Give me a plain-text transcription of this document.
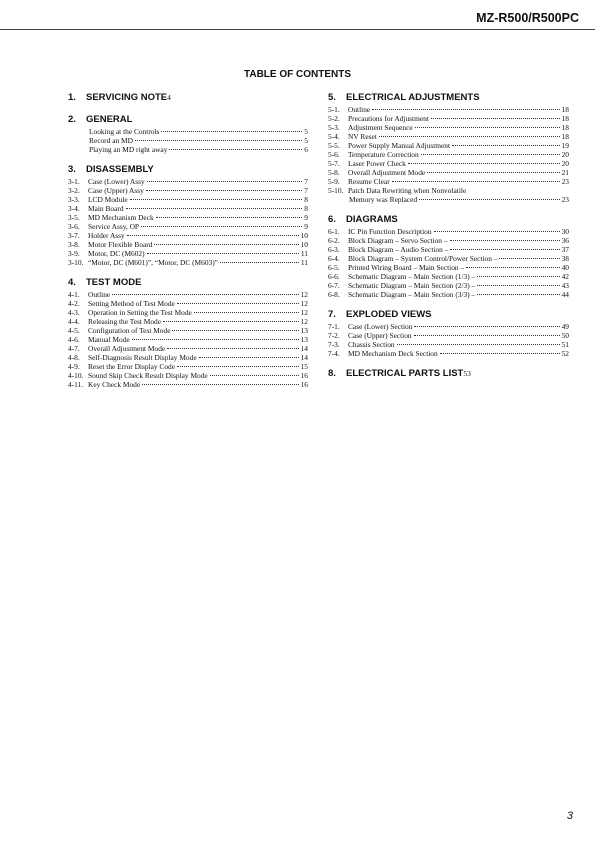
MZ-R500/R500PC
TABLE OF CONTENTS
1.	SERVICING NOTE 4
2.	GENERAL
Looking at the Controls	5
Record an MD	5
Playing an MD right away	6
3.	DISASSEMBLY
3-1.	Case (Lower) Assy	7
3-2.	Case (Upper) Assy	7
3-3.	LCD Module	8
3-4.	Main Board	8
3-5.	MD Mechanism Deck	9
3-6.	Service Assy, OP	9
3-7.	Holder Assy	10
3-8.	Motor Flexible Board	10
3-9.	Motor, DC (M602)	11
3-10. “Motor, DC (M601)”, “Motor, DC (M603)”	11
4.	TEST MODE
4-1.	Outline	12
4-2.	Setting Method of Test Mode	12
4-3.	Operation in Setting the Test Mode	12
4-4.	Releasing the Test Mode	12
4-5.	Configuration of Test Mode	13
4-6.	Manual Mode	13
4-7.	Overall Adjustment Mode	14
4-8.	Self-Diagnosis Result Display Mode	14
4-9.	Reset the Error Display Code	15
4-10. Sound Skip Check Result Display Mode	16
4-11. Key Check Mode	16
5.	ELECTRICAL ADJUSTMENTS
5-1.	Outline	18
5-2.	Precautions for Adjustment	18
5-3.	Adjustment Sequence	18
5-4.	NV Reset	18
5-5.	Power Supply Manual Adjustment	19
5-6.	Temperature Correction	20
5-7.	Laser Power Check	20
5-8.	Overall Adjustment Mode	21
5-9.	Resume Clear	23
5-10. Patch Data Rewriting when Nonvolatile
Memory was Replaced	23
6.	DIAGRAMS
6-1.	IC Pin Function Description	30
6-2.	Block Diagram – Servo Section –	36
6-3.	Block Diagram – Audio Section –	37
6-4.	Block Diagram – System Control/Power Section –	38
6-5.	Printed Wiring Board – Main Section –	40
6-6.	Schematic Diagram – Main Section (1/3) –	42
6-7.	Schematic Diagram – Main Section (2/3) –	43
6-8.	Schematic Diagram – Main Section (3/3) –	44
7.	EXPLODED VIEWS
7-1.	Case (Lower) Section	49
7-2.	Case (Upper) Section	50
7-3.	Chassis Section	51
7-4.	MD Mechanism Deck Section	52
8.	ELECTRICAL PARTS LIST 53
3
